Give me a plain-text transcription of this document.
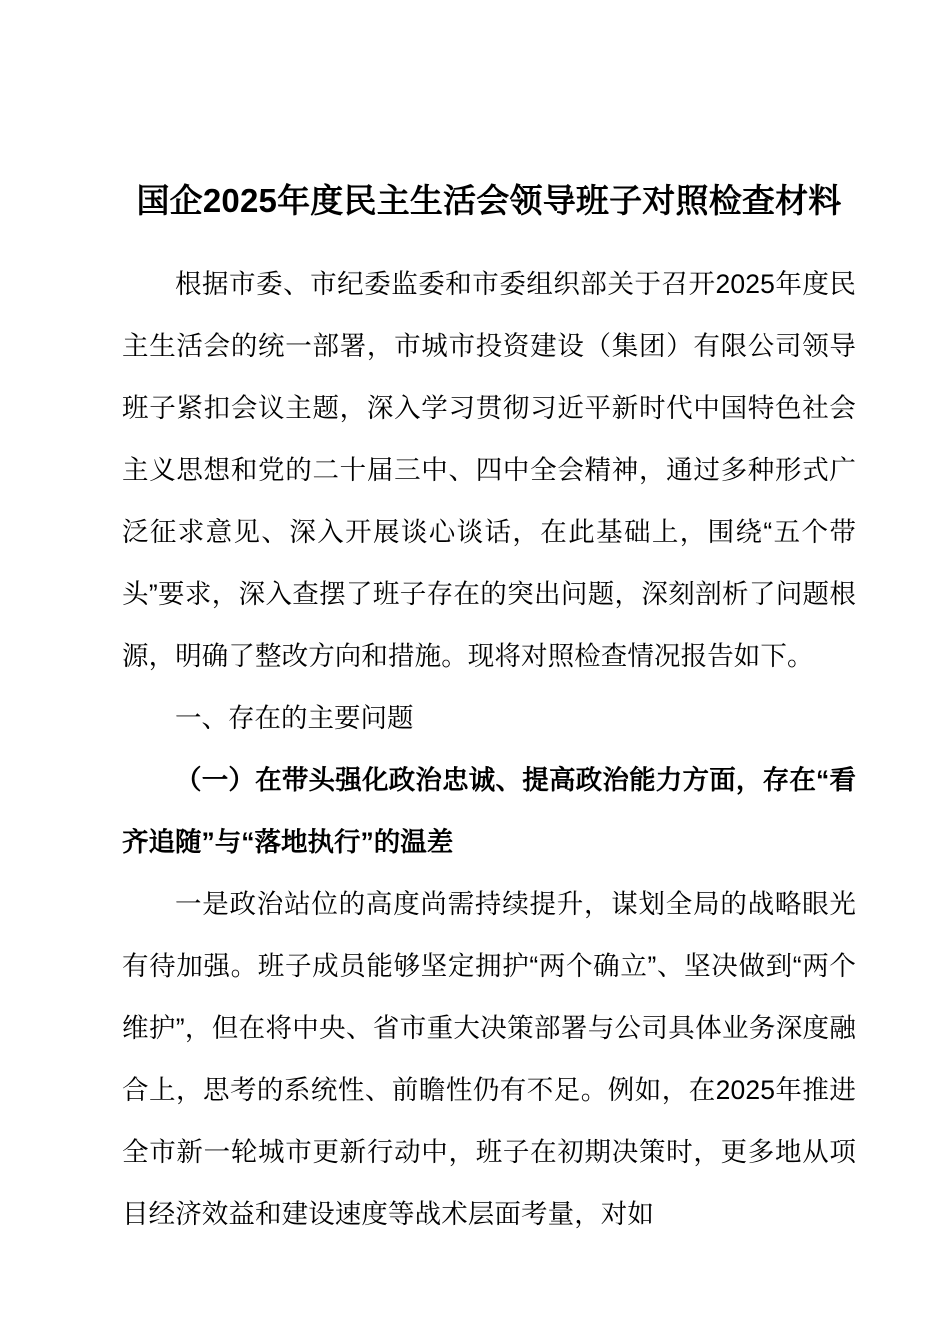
国企2025年度民主生活会领导班子对照检查材料

根据市委、市纪委监委和市委组织部关于召开2025年度民主生活会的统一部署，市城市投资建设（集团）有限公司领导班子紧扣会议主题，深入学习贯彻习近平新时代中国特色社会主义思想和党的二十届三中、四中全会精神，通过多种形式广泛征求意见、深入开展谈心谈话，在此基础上，围绕“五个带头”要求，深入查摆了班子存在的突出问题，深刻剖析了问题根源，明确了整改方向和措施。现将对照检查情况报告如下。

一、存在的主要问题

（一）在带头强化政治忠诚、提高政治能力方面，存在“看齐追随”与“落地执行”的温差

一是政治站位的高度尚需持续提升，谋划全局的战略眼光有待加强。班子成员能够坚定拥护“两个确立”、坚决做到“两个维护”，但在将中央、省市重大决策部署与公司具体业务深度融合上，思考的系统性、前瞻性仍有不足。例如，在2025年推进全市新一轮城市更新行动中，班子在初期决策时，更多地从项目经济效益和建设速度等战术层面考量，对如
